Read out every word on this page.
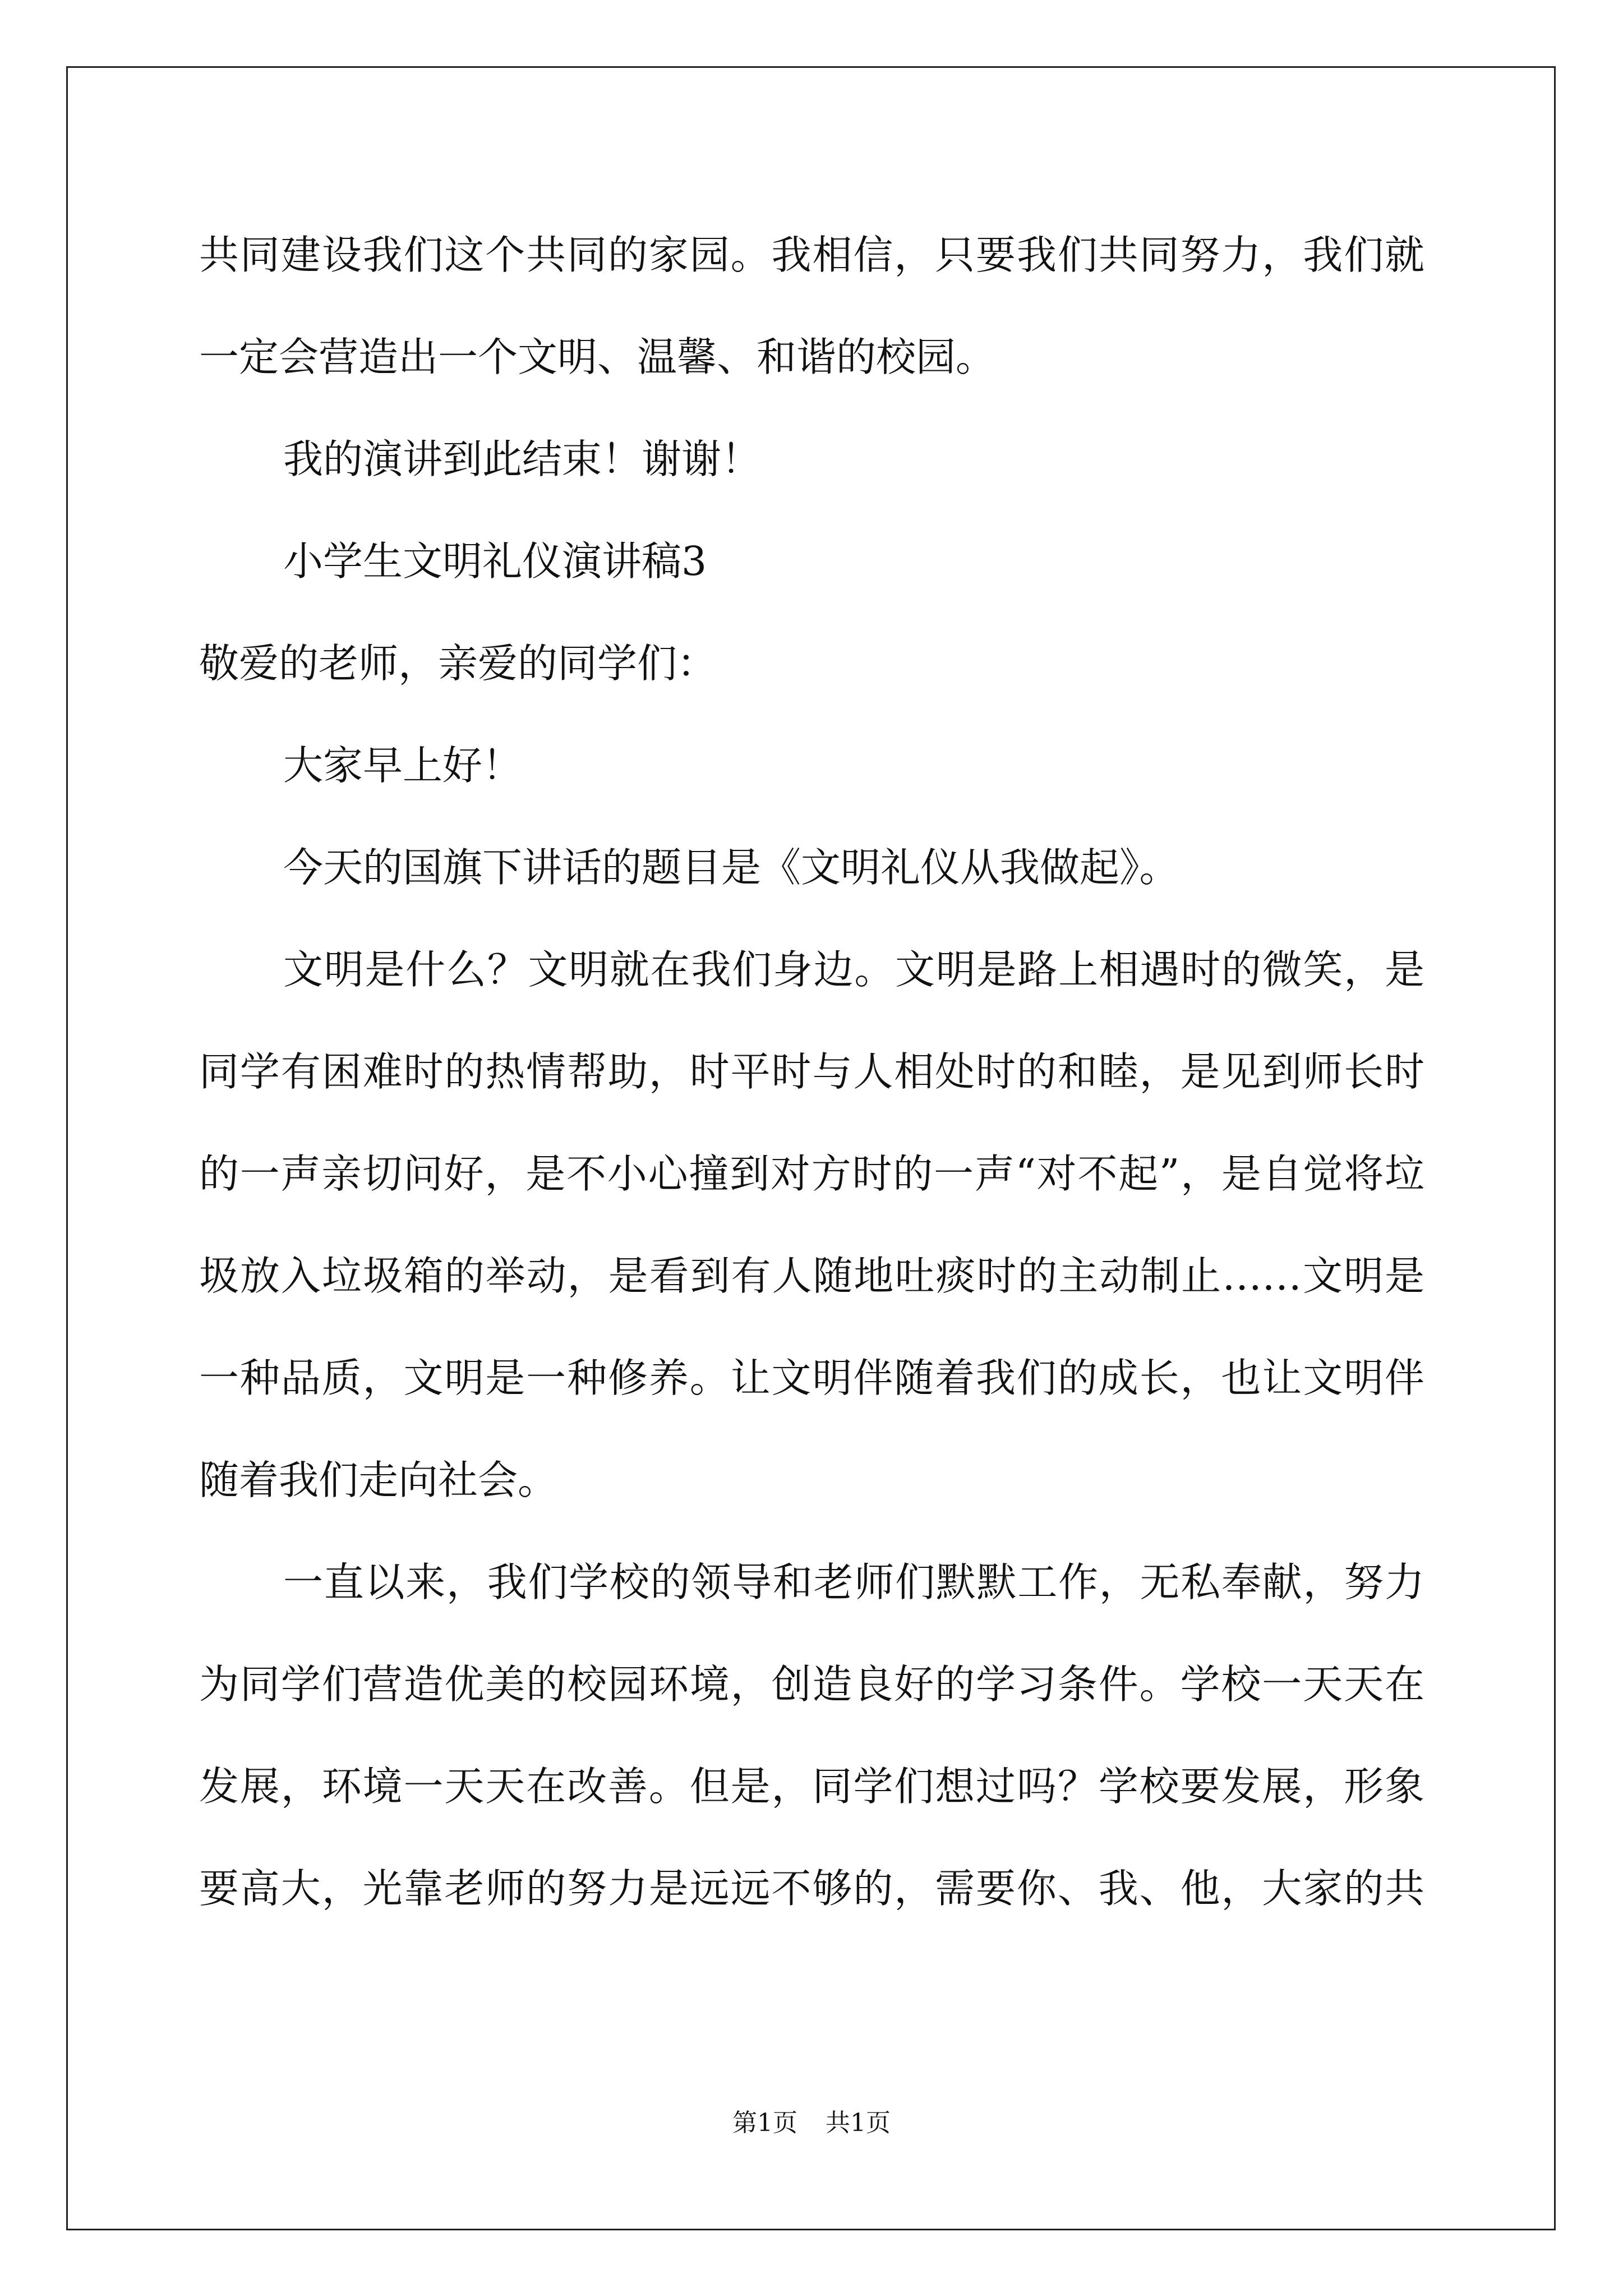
共同建设我们这个共同的家园。我相信，只要我们共同努力，我们就
一定会营造出一个文明、温馨、和谐的校园。
我的演讲到此结束！谢谢！
小学生文明礼仪演讲稿3
敬爱的老师，亲爱的同学们：
大家早上好！
今天的国旗下讲话的题目是《文明礼仪从我做起》。
文明是什么？文明就在我们身边。文明是路上相遇时的微笑，是
同学有困难时的热情帮助，时平时与人相处时的和睦，是见到师长时
的一声亲切问好，是不小心撞到对方时的一声“对不起”，是自觉将垃
圾放入垃圾箱的举动，是看到有人随地吐痰时的主动制止……文明是
一种品质，文明是一种修养。让文明伴随着我们的成长，也让文明伴
随着我们走向社会。
一直以来，我们学校的领导和老师们默默工作，无私奉献，努力
为同学们营造优美的校园环境，创造良好的学习条件。学校一天天在
发展，环境一天天在改善。但是，同学们想过吗？学校要发展，形象
要高大，光靠老师的努力是远远不够的，需要你、我、他，大家的共
第1页 共1页
